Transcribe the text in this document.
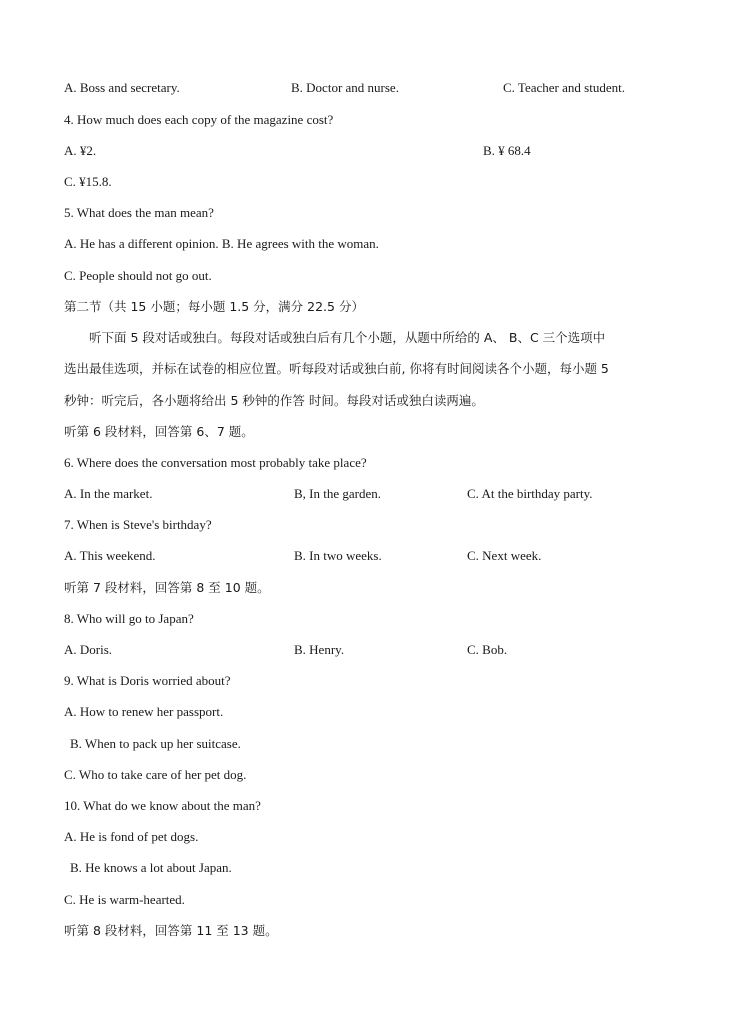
A. Boss and secretary.	B. Doctor and nurse.	C. Teacher and student.
4. How much does each copy of the magazine cost?
A. ¥2.	B. ¥ 68.4
C. ¥15.8.
5. What does the man mean?
A. He has a different opinion. B. He agrees with the woman.
C. People should not go out.
第二节（共 15 小题；每小题 1.5 分，满分 22.5 分）
听下面 5 段对话或独白。每段对话或独白后有几个小题，从题中所给的 A、 B、C 三个选项中
选出最佳选项，并标在试卷的相应位置。听每段对话或独白前, 你将有时间阅读各个小题，每小题 5
秒钟：听完后，各小题将给出 5 秒钟的作答 时间。每段对话或独白读两遍。
听第 6 段材料，回答第 6、7 题。
6. Where does the conversation most probably take place?
A. In the market.	B, In the garden.	C. At the birthday party.
7. When is Steve's birthday?
A. This weekend.	B. In two weeks.	C. Next week.
听第 7 段材料，回答第 8 至 10 题。
8. Who will go to Japan?
A. Doris.	B. Henry.	C. Bob.
9. What is Doris worried about?
A. How to renew her passport.
B. When to pack up her suitcase.
C. Who to take care of her pet dog.
10. What do we know about the man?
A. He is fond of pet dogs.
B. He knows a lot about Japan.
C. He is warm-hearted.
听第 8 段材料，回答第 11 至 13 题。
